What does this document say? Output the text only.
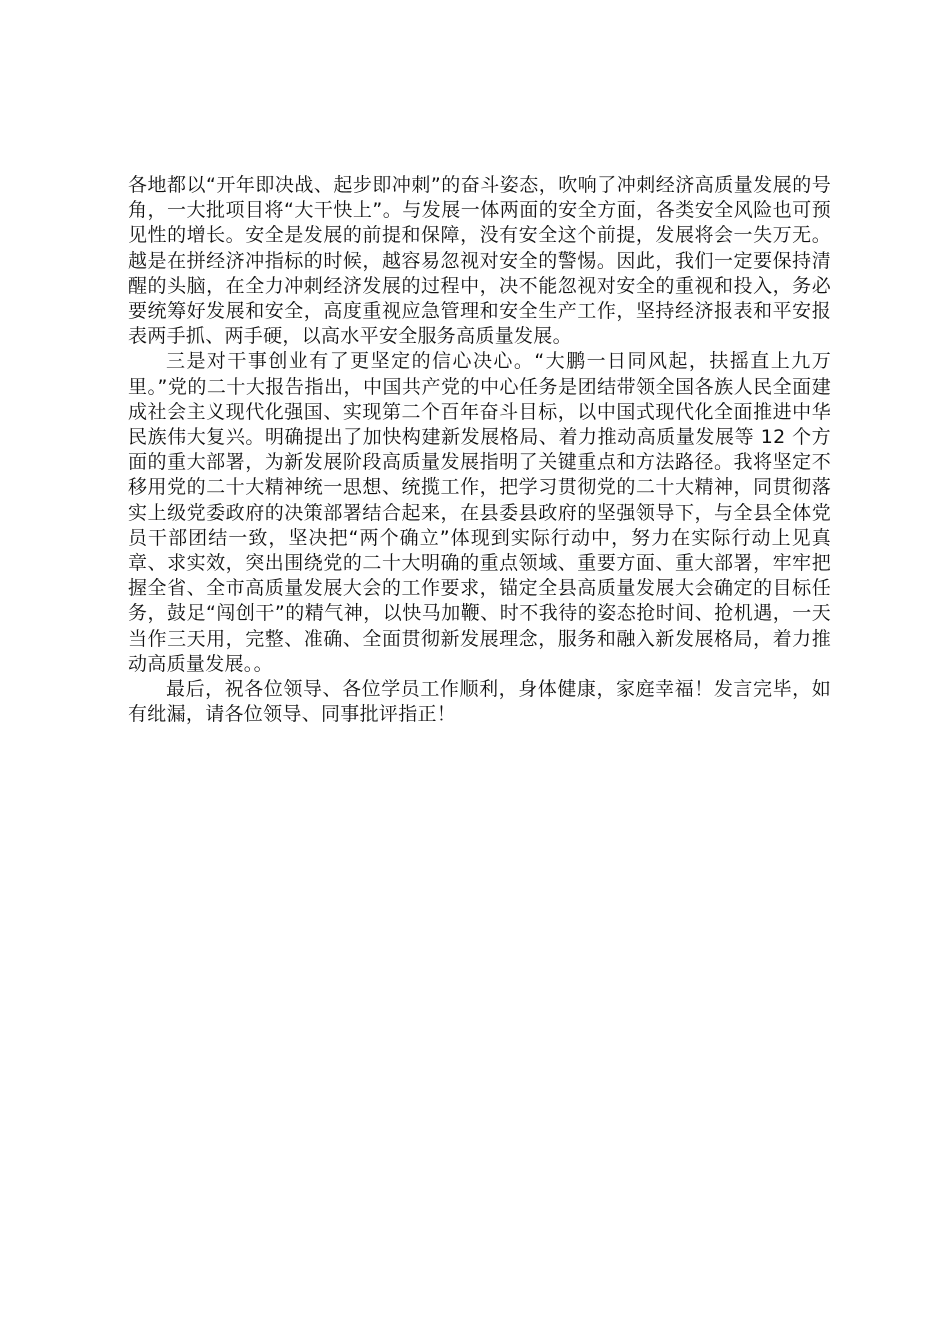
各地都以“开年即决战、起步即冲刺”的奋斗姿态，吹响了冲刺经济高质量发展的号角，一大批项目将“大干快上”。与发展一体两面的安全方面，各类安全风险也可预见性的增长。安全是发展的前提和保障，没有安全这个前提，发展将会一失万无。越是在拼经济冲指标的时候，越容易忽视对安全的警惕。因此，我们一定要保持清醒的头脑，在全力冲刺经济发展的过程中，决不能忽视对安全的重视和投入，务必要统筹好发展和安全，高度重视应急管理和安全生产工作，坚持经济报表和平安报表两手抓、两手硬，以高水平安全服务高质量发展。

三是对干事创业有了更坚定的信心决心。“大鹏一日同风起，扶摇直上九万里。”党的二十大报告指出，中国共产党的中心任务是团结带领全国各族人民全面建成社会主义现代化强国、实现第二个百年奋斗目标，以中国式现代化全面推进中华民族伟大复兴。明确提出了加快构建新发展格局、着力推动高质量发展等 12 个方面的重大部署，为新发展阶段高质量发展指明了关键重点和方法路径。我将坚定不移用党的二十大精神统一思想、统揽工作，把学习贯彻党的二十大精神，同贯彻落实上级党委政府的决策部署结合起来，在县委县政府的坚强领导下，与全县全体党员干部团结一致，坚决把“两个确立”体现到实际行动中，努力在实际行动上见真章、求实效，突出围绕党的二十大明确的重点领域、重要方面、重大部署，牢牢把握全省、全市高质量发展大会的工作要求，锚定全县高质量发展大会确定的目标任务，鼓足“闯创干”的精气神，以快马加鞭、时不我待的姿态抢时间、抢机遇，一天当作三天用，完整、准确、全面贯彻新发展理念，服务和融入新发展格局，着力推动高质量发展。。

最后，祝各位领导、各位学员工作顺利，身体健康，家庭幸福！发言完毕，如有纰漏，请各位领导、同事批评指正！
